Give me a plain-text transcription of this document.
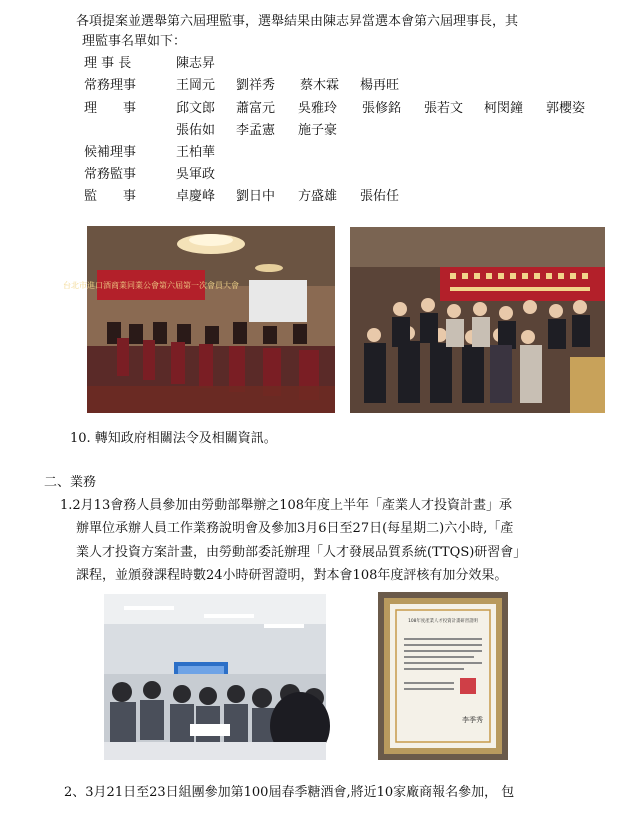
各項提案並選舉第六屆理監事，選舉結果由陳志昇當選本會第六屆理事長，其
理監事名單如下：
理 事 長	陳志昇
常務理事	王岡元 劉祥秀 蔡木霖 楊再旺
理　　事	邱文郎 蕭富元 吳雅玲 張修銘 張若文 柯閔鐘 郭櫻姿
張佑如 李孟憲 施子豪
候補理事	王柏華
常務監事	吳軍政
監　　事	卓慶峰 劉日中 方盛雄 張佑任
台北市進口酒商業同業公會第六屆第一次會員大會
10. 轉知政府相關法令及相關資訊。
二、業務
1.2月13會務人員參加由勞動部舉辦之108年度上半年「產業人才投資計畫」承
辦單位承辦人員工作業務說明會及參加3月6日至27日(每星期二)六小時,「產
業人才投資方案計畫，由勞動部委託辦理「人才發展品質系統(TTQS)研習會」
課程，並頒發課程時數24小時研習證明，對本會108年度評核有加分效果。
108年度產業人才投資計畫研習證明
李季秀
2、3月21日至23日組團參加第100屆春季糖酒會,將近10家廠商報名參加， 包
